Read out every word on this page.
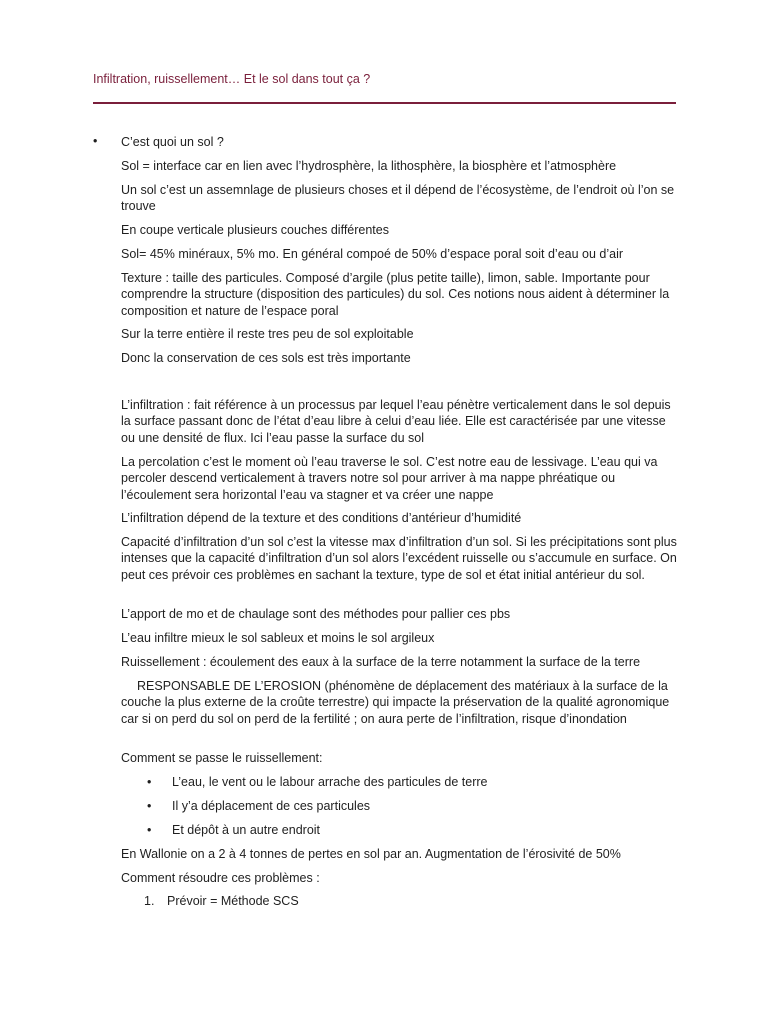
Infiltration, ruissellement… Et le sol dans tout ça ?
• C’est quoi un sol ?

Sol = interface car en lien avec l’hydrosphère, la lithosphère, la biosphère et l’atmosphère

Un sol c’est un assemnlage de plusieurs choses et il dépend de l’écosystème, de l’endroit où l’on se trouve

En coupe verticale plusieurs couches différentes

Sol= 45% minéraux, 5% mo. En général compoé de 50% d’espace poral soit d’eau ou d’air

Texture : taille des particules. Composé d’argile (plus petite taille), limon, sable. Importante pour comprendre la structure (disposition des particules) du sol. Ces notions nous aident à déterminer la composition et nature de l’espace poral

Sur la terre entière il reste tres peu de sol exploitable

Donc la conservation de ces sols est très importante

L’infiltration : fait référence à un processus par lequel l’eau pénètre verticalement dans le sol depuis la surface passant donc de l’état d’eau libre à celui d’eau liée. Elle est caractérisée par une vitesse ou une densité de flux. Ici l’eau passe la surface du sol

La percolation c’est le moment où l’eau traverse le sol. C’est notre eau de lessivage. L’eau qui va percoler descend verticalement à travers notre sol pour arriver à ma nappe phréatique ou l’écoulement sera horizontal l’eau va stagner et va créer une nappe

L’infiltration dépend de la texture et des conditions d’antérieur d’humidité

Capacité d’infiltration d’un sol c’est la vitesse max d’infiltration d’un sol. Si les précipitations sont plus intenses que la capacité d’infiltration d’un sol alors l’excédent ruisselle ou s’accumule en surface. On peut ces prévoir ces problèmes en sachant la texture, type de sol et état initial antérieur du sol.

L’apport de mo et de chaulage sont des méthodes pour pallier ces pbs

L’eau infiltre mieux le sol sableux et moins le sol argileux

Ruissellement : écoulement des eaux à la surface de la terre notamment la surface de la terre

RESPONSABLE DE L’EROSION (phénomène de déplacement des matériaux à la surface de la couche la plus externe de la croûte terrestre) qui impacte la préservation de la qualité agronomique car si on perd du sol on perd de la fertilité ; on aura perte de l’infiltration, risque d’inondation

Comment se passe le ruissellement:

• L’eau, le vent ou le labour arrache des particules de terre
• Il y’a déplacement de ces particules
• Et dépôt à un autre endroit

En Wallonie on a 2 à 4 tonnes de pertes en sol par an. Augmentation de l’érosivité de 50%

Comment résoudre ces problèmes :

1. Prévoir = Méthode SCS
